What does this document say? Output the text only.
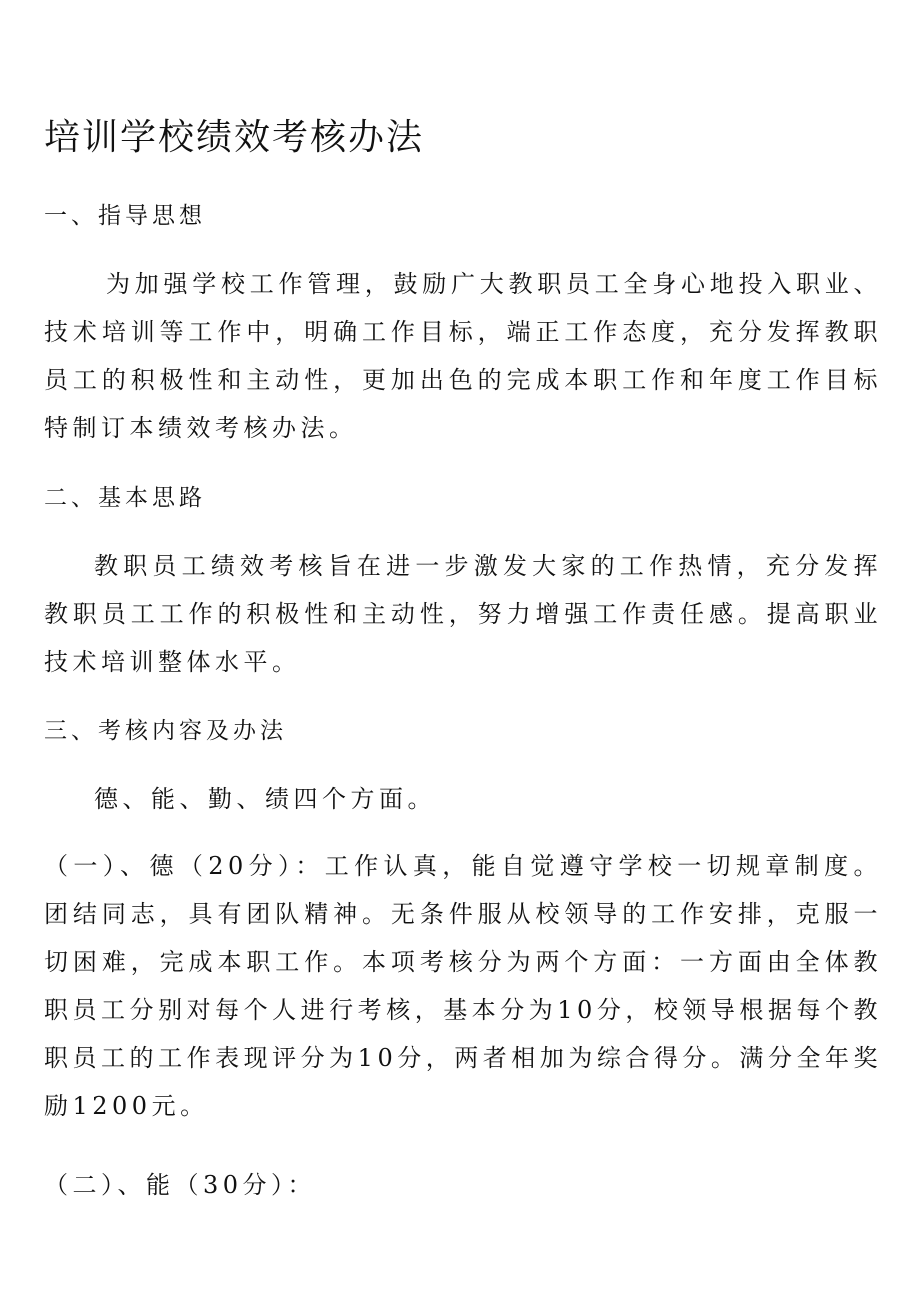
培训学校绩效考核办法
一、指导思想

为加强学校工作管理，鼓励广大教职员工全身心地投入职业、技术培训等工作中，明确工作目标，端正工作态度，充分发挥教职员工的积极性和主动性，更加出色的完成本职工作和年度工作目标特制订本绩效考核办法。

二、基本思路

教职员工绩效考核旨在进一步激发大家的工作热情，充分发挥教职员工工作的积极性和主动性，努力增强工作责任感。提高职业技术培训整体水平。

三、考核内容及办法

德、能、勤、绩四个方面。

（一）、德（20分）：工作认真，能自觉遵守学校一切规章制度。团结同志，具有团队精神。无条件服从校领导的工作安排，克服一切困难，完成本职工作。本项考核分为两个方面：一方面由全体教职员工分别对每个人进行考核，基本分为10分，校领导根据每个教职员工的工作表现评分为10分，两者相加为综合得分。满分全年奖励1200元。

（二）、能（30分）：
